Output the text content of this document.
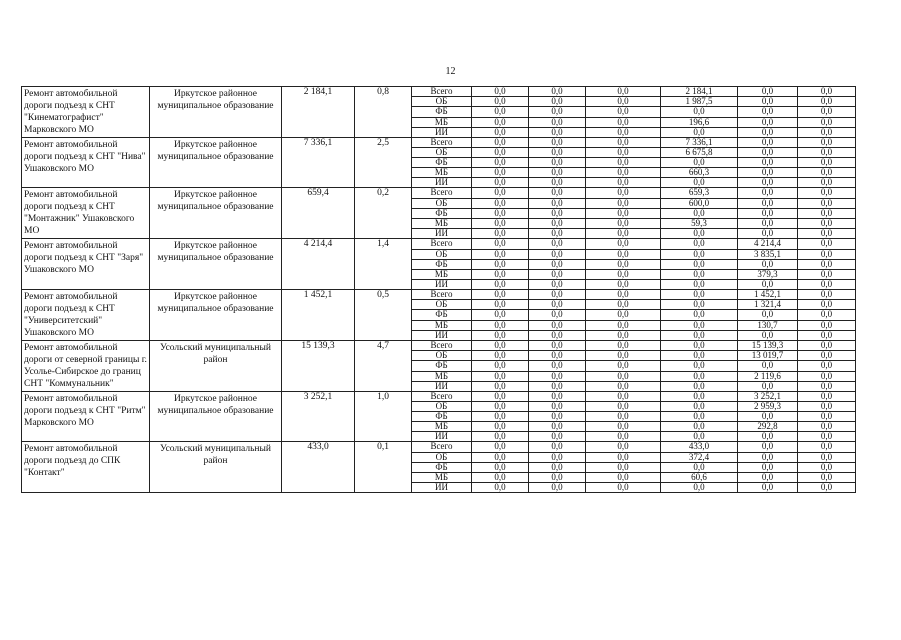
12
Ремонт автомобильной дороги подъезд к СНТ "Кинематографист" Марковского МО	Иркутское районное муниципальное образование	2 184,1	0,8	Всего	0,0	0,0	0,0	2 184,1	0,0	0,0
				ОБ	0,0	0,0	0,0	1 987,5	0,0	0,0
				ФБ	0,0	0,0	0,0	0,0	0,0	0,0
				МБ	0,0	0,0	0,0	196,6	0,0	0,0
				ИИ	0,0	0,0	0,0	0,0	0,0	0,0
Ремонт автомобильной дороги подъезд к СНТ "Нива" Ушаковского МО	Иркутское районное муниципальное образование	7 336,1	2,5	Всего	0,0	0,0	0,0	7 336,1	0,0	0,0
				ОБ	0,0	0,0	0,0	6 675,8	0,0	0,0
				ФБ	0,0	0,0	0,0	0,0	0,0	0,0
				МБ	0,0	0,0	0,0	660,3	0,0	0,0
				ИИ	0,0	0,0	0,0	0,0	0,0	0,0
Ремонт автомобильной дороги подъезд к СНТ "Монтажник" Ушаковского МО	Иркутское районное муниципальное образование	659,4	0,2	Всего	0,0	0,0	0,0	659,3	0,0	0,0
				ОБ	0,0	0,0	0,0	600,0	0,0	0,0
				ФБ	0,0	0,0	0,0	0,0	0,0	0,0
				МБ	0,0	0,0	0,0	59,3	0,0	0,0
				ИИ	0,0	0,0	0,0	0,0	0,0	0,0
Ремонт автомобильной дороги подъезд к СНТ "Заря" Ушаковского МО	Иркутское районное муниципальное образование	4 214,4	1,4	Всего	0,0	0,0	0,0	0,0	4 214,4	0,0
				ОБ	0,0	0,0	0,0	0,0	3 835,1	0,0
				ФБ	0,0	0,0	0,0	0,0	0,0	0,0
				МБ	0,0	0,0	0,0	0,0	379,3	0,0
				ИИ	0,0	0,0	0,0	0,0	0,0	0,0
Ремонт автомобильной дороги подъезд к СНТ "Университетский" Ушаковского МО	Иркутское районное муниципальное образование	1 452,1	0,5	Всего	0,0	0,0	0,0	0,0	1 452,1	0,0
				ОБ	0,0	0,0	0,0	0,0	1 321,4	0,0
				ФБ	0,0	0,0	0,0	0,0	0,0	0,0
				МБ	0,0	0,0	0,0	0,0	130,7	0,0
				ИИ	0,0	0,0	0,0	0,0	0,0	0,0
Ремонт автомобильной дороги от северной границы г. Усолье-Сибирское до границ СНТ "Коммунальник"	Усольский муниципальный район	15 139,3	4,7	Всего	0,0	0,0	0,0	0,0	15 139,3	0,0
				ОБ	0,0	0,0	0,0	0,0	13 019,7	0,0
				ФБ	0,0	0,0	0,0	0,0	0,0	0,0
				МБ	0,0	0,0	0,0	0,0	2 119,6	0,0
				ИИ	0,0	0,0	0,0	0,0	0,0	0,0
Ремонт автомобильной дороги подъезд к СНТ "Ритм" Марковского МО	Иркутское районное муниципальное образование	3 252,1	1,0	Всего	0,0	0,0	0,0	0,0	3 252,1	0,0
				ОБ	0,0	0,0	0,0	0,0	2 959,3	0,0
				ФБ	0,0	0,0	0,0	0,0	0,0	0,0
				МБ	0,0	0,0	0,0	0,0	292,8	0,0
				ИИ	0,0	0,0	0,0	0,0	0,0	0,0
Ремонт автомобильной дороги подъезд до СПК "Контакт"	Усольский муниципальный район	433,0	0,1	Всего	0,0	0,0	0,0	433,0	0,0	0,0
				ОБ	0,0	0,0	0,0	372,4	0,0	0,0
				ФБ	0,0	0,0	0,0	0,0	0,0	0,0
				МБ	0,0	0,0	0,0	60,6	0,0	0,0
				ИИ	0,0	0,0	0,0	0,0	0,0	0,0
